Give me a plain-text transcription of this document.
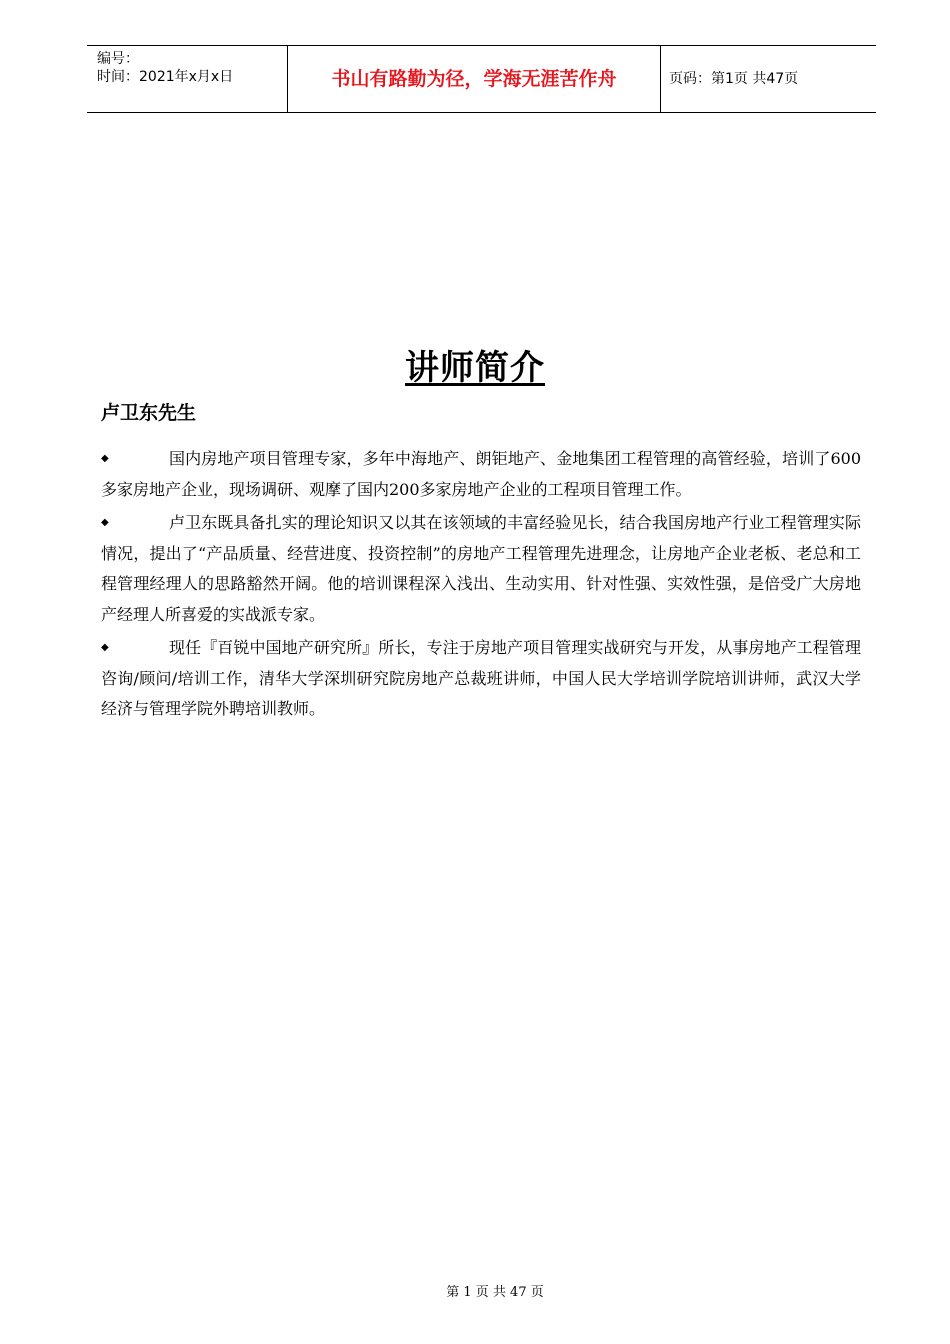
编号：
时间：2021年x月x日	书山有路勤为径，学海无涯苦作舟	页码：第1页 共47页
讲师简介
卢卫东先生

◆	国内房地产项目管理专家，多年中海地产、朗钜地产、金地集团工程管理的高管经验，培训了600多家房地产企业，现场调研、观摩了国内200多家房地产企业的工程项目管理工作。

◆	卢卫东既具备扎实的理论知识又以其在该领域的丰富经验见长，结合我国房地产行业工程管理实际情况，提出了“产品质量、经营进度、投资控制”的房地产工程管理先进理念，让房地产企业老板、老总和工程管理经理人的思路豁然开阔。他的培训课程深入浅出、生动实用、针对性强、实效性强，是倍受广大房地产经理人所喜爱的实战派专家。

◆	现任『百锐中国地产研究所』所长，专注于房地产项目管理实战研究与开发，从事房地产工程管理咨询/顾问/培训工作，清华大学深圳研究院房地产总裁班讲师，中国人民大学培训学院培训讲师，武汉大学经济与管理学院外聘培训教师。

第 1 页 共 47 页
